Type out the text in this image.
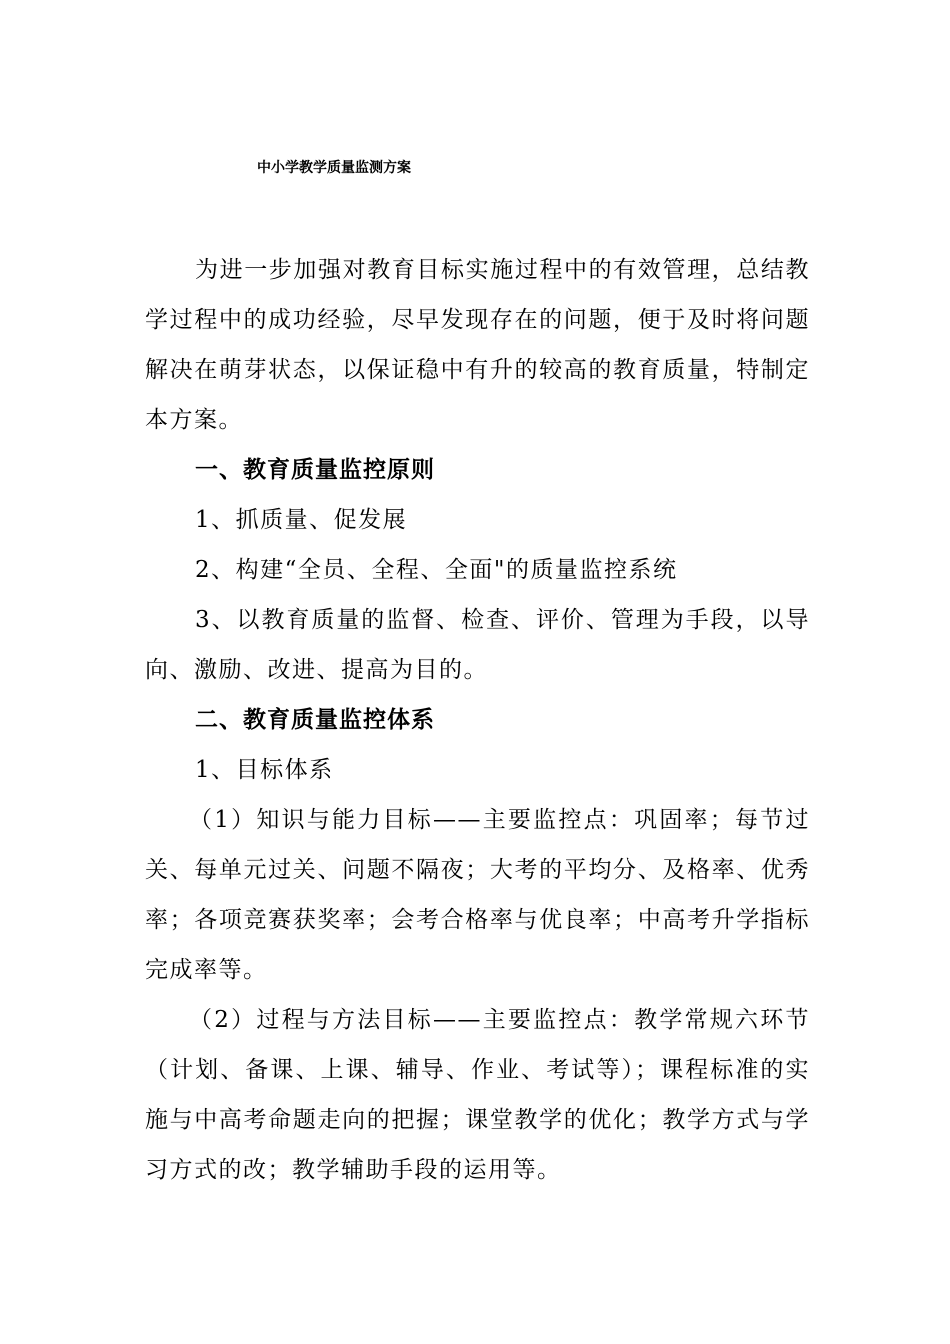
中小学教学质量监测方案

为进一步加强对教育目标实施过程中的有效管理，总结教学过程中的成功经验，尽早发现存在的问题，便于及时将问题解决在萌芽状态，以保证稳中有升的较高的教育质量，特制定本方案。

一、教育质量监控原则

1、抓质量、促发展

2、构建“全员、全程、全面"的质量监控系统

3、以教育质量的监督、检查、评价、管理为手段，以导向、激励、改进、提高为目的。

二、教育质量监控体系

1、目标体系

（1）知识与能力目标——主要监控点：巩固率；每节过关、每单元过关、问题不隔夜；大考的平均分、及格率、优秀率；各项竞赛获奖率；会考合格率与优良率；中高考升学指标完成率等。

（2）过程与方法目标——主要监控点：教学常规六环节（计划、备课、上课、辅导、作业、考试等）；课程标准的实施与中高考命题走向的把握；课堂教学的优化；教学方式与学习方式的改；教学辅助手段的运用等。
